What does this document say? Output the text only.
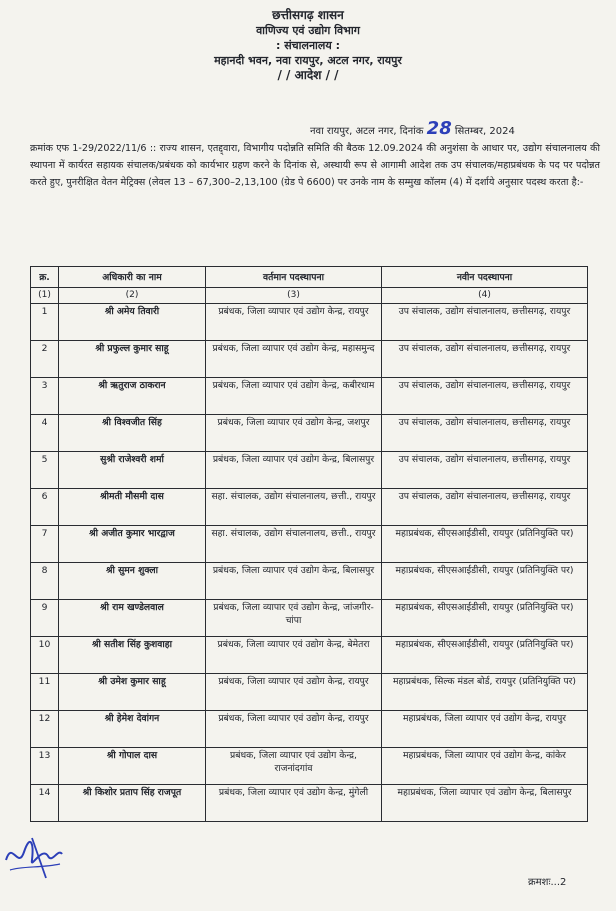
छत्तीसगढ़ शासन
वाणिज्य एवं उद्योग विभाग
: संचालनालय :
महानदी भवन, नवा रायपुर, अटल नगर, रायपुर
/ / आदेश / /
नवा रायपुर, अटल नगर, दिनांक 28 सितम्बर, 2024
क्रमांक एफ 1-29/2022/11/6 :: राज्य शासन, एतद्द्वारा, विभागीय पदोन्नति समिति की बैठक 12.09.2024 की अनुशंसा के आधार पर, उद्योग संचालनालय की स्थापना में कार्यरत सहायक संचालक/प्रबंधक को कार्यभार ग्रहण करने के दिनांक से, अस्थायी रूप से आगामी आदेश तक उप संचालक/महाप्रबंधक के पद पर पदोन्नत करते हुए, पुनरीक्षित वेतन मेट्रिक्स (लेवल 13 – 67,300–2,13,100 (ग्रेड पे 6600) पर उनके नाम के सम्मुख कॉलम (4) में दर्शाये अनुसार पदस्थ करता है:-
क्र.	अधिकारी का नाम	वर्तमान पदस्थापना	नवीन पदस्थापना
(1)	(2)	(3)	(4)
1	श्री अमेय तिवारी	प्रबंधक, जिला व्यापार एवं उद्योग केन्द्र, रायपुर	उप संचालक, उद्योग संचालनालय, छत्तीसगढ़, रायपुर
2	श्री प्रफुल्ल कुमार साहू	प्रबंधक, जिला व्यापार एवं उद्योग केन्द्र, महासमुन्द	उप संचालक, उद्योग संचालनालय, छत्तीसगढ़, रायपुर
3	श्री ऋतुराज ठाकरान	प्रबंधक, जिला व्यापार एवं उद्योग केन्द्र, कबीरधाम	उप संचालक, उद्योग संचालनालय, छत्तीसगढ़, रायपुर
4	श्री विश्वजीत सिंह	प्रबंधक, जिला व्यापार एवं उद्योग केन्द्र, जशपुर	उप संचालक, उद्योग संचालनालय, छत्तीसगढ़, रायपुर
5	सुश्री राजेश्वरी शर्मा	प्रबंधक, जिला व्यापार एवं उद्योग केन्द्र, बिलासपुर	उप संचालक, उद्योग संचालनालय, छत्तीसगढ़, रायपुर
6	श्रीमती मौसमी दास	सहा. संचालक, उद्योग संचालनालय, छत्ती., रायपुर	उप संचालक, उद्योग संचालनालय, छत्तीसगढ़, रायपुर
7	श्री अजीत कुमार भारद्वाज	सहा. संचालक, उद्योग संचालनालय, छत्ती., रायपुर	महाप्रबंधक, सीएसआईडीसी, रायपुर (प्रतिनियुक्ति पर)
8	श्री सुमन शुक्ला	प्रबंधक, जिला व्यापार एवं उद्योग केन्द्र, बिलासपुर	महाप्रबंधक, सीएसआईडीसी, रायपुर (प्रतिनियुक्ति पर)
9	श्री राम खण्डेलवाल	प्रबंधक, जिला व्यापार एवं उद्योग केन्द्र, जांजगीर-चांपा	महाप्रबंधक, सीएसआईडीसी, रायपुर (प्रतिनियुक्ति पर)
10	श्री सतीश सिंह कुशवाहा	प्रबंधक, जिला व्यापार एवं उद्योग केन्द्र, बेमेतरा	महाप्रबंधक, सीएसआईडीसी, रायपुर (प्रतिनियुक्ति पर)
11	श्री उमेश कुमार साहू	प्रबंधक, जिला व्यापार एवं उद्योग केन्द्र, रायपुर	महाप्रबंधक, सिल्क मंडल बोर्ड, रायपुर (प्रतिनियुक्ति पर)
12	श्री हेमेश देवांगन	प्रबंधक, जिला व्यापार एवं उद्योग केन्द्र, रायपुर	महाप्रबंधक, जिला व्यापार एवं उद्योग केन्द्र, रायपुर
13	श्री गोपाल दास	प्रबंधक, जिला व्यापार एवं उद्योग केन्द्र, राजनांदगांव	महाप्रबंधक, जिला व्यापार एवं उद्योग केन्द्र, कांकेर
14	श्री किशोर प्रताप सिंह राजपूत	प्रबंधक, जिला व्यापार एवं उद्योग केन्द्र, मुंगेली	महाप्रबंधक, जिला व्यापार एवं उद्योग केन्द्र, बिलासपुर
क्रमशः...2
